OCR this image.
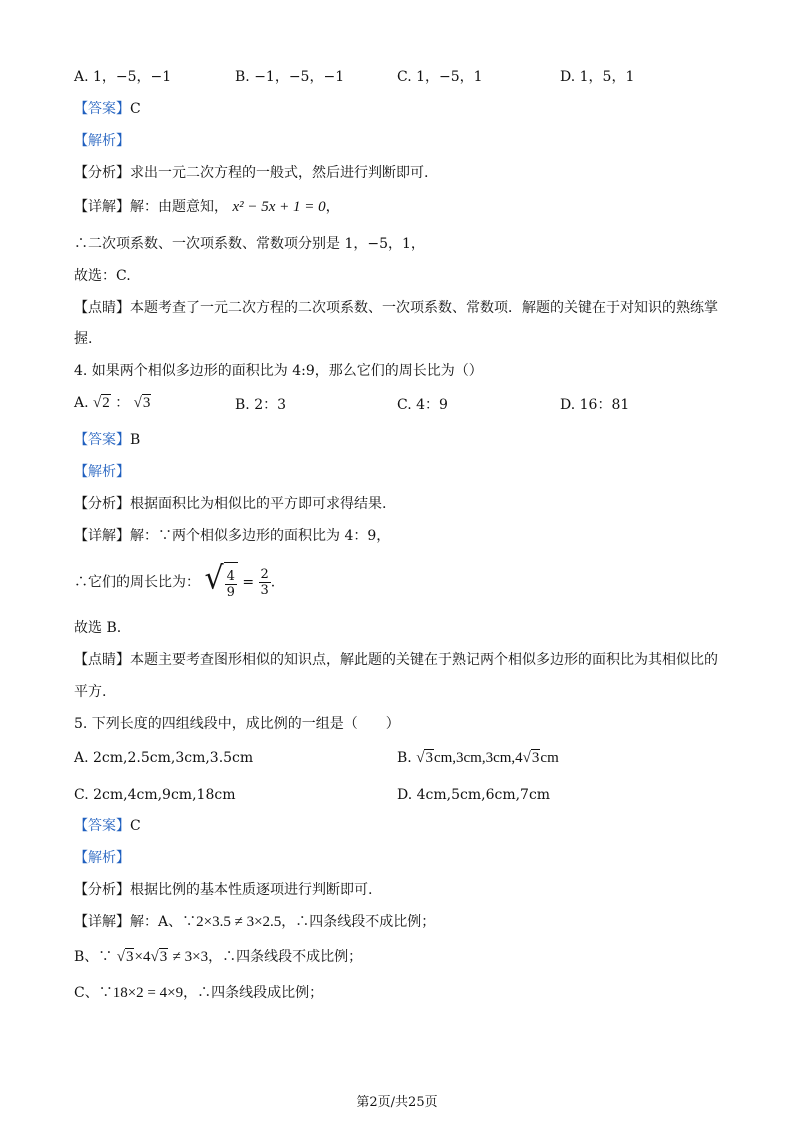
A. 1，−5，−1	B. −1，−5，−1	C. 1，−5，1	D. 1，5，1
【答案】C
【解析】
【分析】求出一元二次方程的一般式，然后进行判断即可.
【详解】解：由题意知， x² − 5x + 1 = 0，
∴二次项系数、一次项系数、常数项分别是 1，−5，1，
故选：C.
【点睛】本题考查了一元二次方程的二次项系数、一次项系数、常数项．解题的关键在于对知识的熟练掌
握.
4. 如果两个相似多边形的面积比为 4:9，那么它们的周长比为（）
A. √2 ： √3	B. 2：3	C. 4：9	D. 16：81
【答案】B
【解析】
【分析】根据面积比为相似比的平方即可求得结果.
【详解】解：∵两个相似多边形的面积比为 4：9，
∴它们的周长比为： √ $\frac{4}{9} = \frac{2}{3}$ .
故选 B.
【点睛】本题主要考查图形相似的知识点，解此题的关键在于熟记两个相似多边形的面积比为其相似比的
平方.
5. 下列长度的四组线段中，成比例的一组是（　　）
A. 2cm,2.5cm,3cm,3.5cm	B. √3cm,3cm,3cm,4√3cm
C. 2cm,4cm,9cm,18cm	D. 4cm,5cm,6cm,7cm
【答案】C
【解析】
【分析】根据比例的基本性质逐项进行判断即可.
【详解】解：A、∵2×3.5 ≠ 3×2.5，∴四条线段不成比例；
B、∵ √3×4√3 ≠ 3×3，∴四条线段不成比例；
C、∵18×2 = 4×9，∴四条线段成比例；
第2页/共25页
